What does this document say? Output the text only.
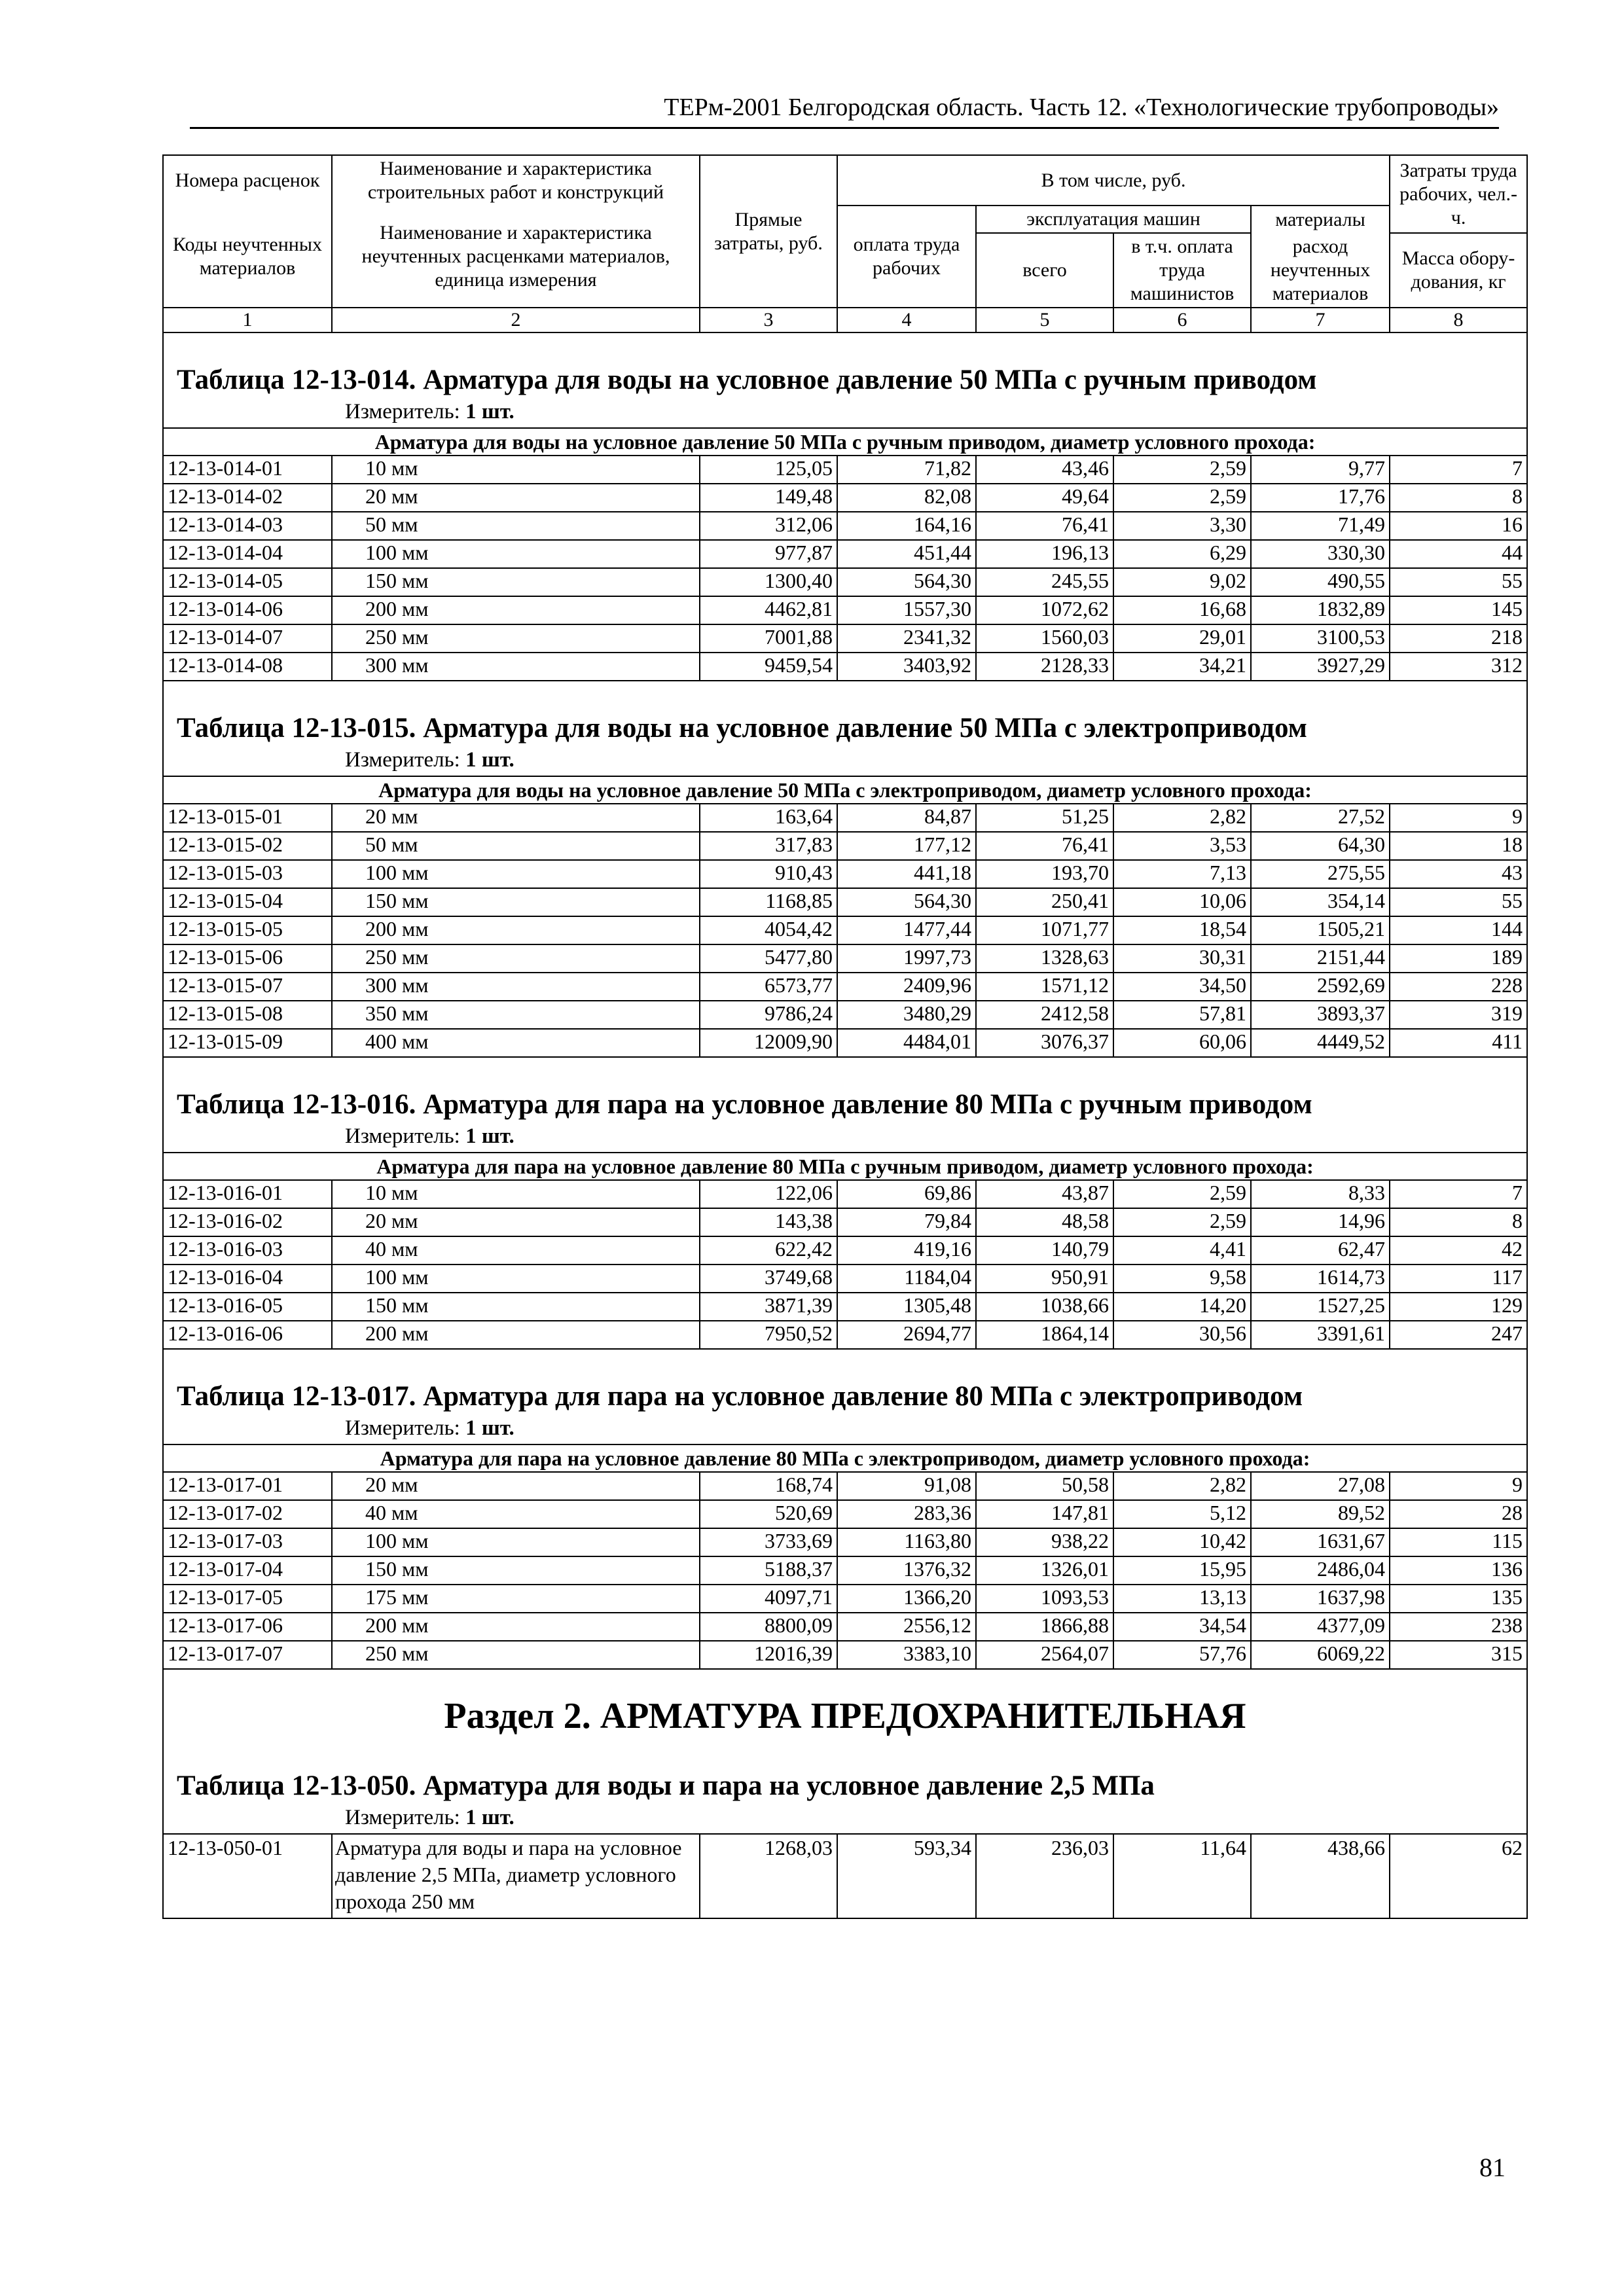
ТЕРм-2001 Белгородская область. Часть 12. «Технологические трубопроводы»
Номера расценок	Наименование и характеристика строительных работ и конструкций	Прямые затраты, руб.	В том числе, руб.				Затраты труда рабочих, чел.-ч.
Коды неучтенных материалов	Наименование и характеристика неучтенных расценками материалов, единица измерения		оплата труда рабочих	эксплуатация машин		материалы	
				всего	в т.ч. оплата труда машинистов	расход неучтенных материалов	
							Масса обору-дования, кг
1	2	3	4	5	6	7	8
Таблица 12-13-014. Арматура для воды на условное давление 50 МПа с ручным приводом							
Измеритель: 1 шт.							
Арматура для воды на условное давление 50 МПа с ручным приводом, диаметр условного прохода:							
12-13-014-01	10 мм	125,05	71,82	43,46	2,59	9,77	7
12-13-014-02	20 мм	149,48	82,08	49,64	2,59	17,76	8
12-13-014-03	50 мм	312,06	164,16	76,41	3,30	71,49	16
12-13-014-04	100 мм	977,87	451,44	196,13	6,29	330,30	44
12-13-014-05	150 мм	1300,40	564,30	245,55	9,02	490,55	55
12-13-014-06	200 мм	4462,81	1557,30	1072,62	16,68	1832,89	145
12-13-014-07	250 мм	7001,88	2341,32	1560,03	29,01	3100,53	218
12-13-014-08	300 мм	9459,54	3403,92	2128,33	34,21	3927,29	312
Таблица 12-13-015. Арматура для воды на условное давление 50 МПа с электроприводом							
Измеритель: 1 шт.							
Арматура для воды на условное давление 50 МПа с электроприводом, диаметр условного прохода:							
12-13-015-01	20 мм	163,64	84,87	51,25	2,82	27,52	9
12-13-015-02	50 мм	317,83	177,12	76,41	3,53	64,30	18
12-13-015-03	100 мм	910,43	441,18	193,70	7,13	275,55	43
12-13-015-04	150 мм	1168,85	564,30	250,41	10,06	354,14	55
12-13-015-05	200 мм	4054,42	1477,44	1071,77	18,54	1505,21	144
12-13-015-06	250 мм	5477,80	1997,73	1328,63	30,31	2151,44	189
12-13-015-07	300 мм	6573,77	2409,96	1571,12	34,50	2592,69	228
12-13-015-08	350 мм	9786,24	3480,29	2412,58	57,81	3893,37	319
12-13-015-09	400 мм	12009,90	4484,01	3076,37	60,06	4449,52	411
Таблица 12-13-016. Арматура для пара на условное давление 80 МПа с ручным приводом							
Измеритель: 1 шт.							
Арматура для пара на условное давление 80 МПа с ручным приводом, диаметр условного прохода:							
12-13-016-01	10 мм	122,06	69,86	43,87	2,59	8,33	7
12-13-016-02	20 мм	143,38	79,84	48,58	2,59	14,96	8
12-13-016-03	40 мм	622,42	419,16	140,79	4,41	62,47	42
12-13-016-04	100 мм	3749,68	1184,04	950,91	9,58	1614,73	117
12-13-016-05	150 мм	3871,39	1305,48	1038,66	14,20	1527,25	129
12-13-016-06	200 мм	7950,52	2694,77	1864,14	30,56	3391,61	247
Таблица 12-13-017. Арматура для пара на условное давление 80 МПа с электроприводом							
Измеритель: 1 шт.							
Арматура для пара на условное давление 80 МПа с электроприводом, диаметр условного прохода:							
12-13-017-01	20 мм	168,74	91,08	50,58	2,82	27,08	9
12-13-017-02	40 мм	520,69	283,36	147,81	5,12	89,52	28
12-13-017-03	100 мм	3733,69	1163,80	938,22	10,42	1631,67	115
12-13-017-04	150 мм	5188,37	1376,32	1326,01	15,95	2486,04	136
12-13-017-05	175 мм	4097,71	1366,20	1093,53	13,13	1637,98	135
12-13-017-06	200 мм	8800,09	2556,12	1866,88	34,54	4377,09	238
12-13-017-07	250 мм	12016,39	3383,10	2564,07	57,76	6069,22	315
Раздел 2. АРМАТУРА ПРЕДОХРАНИТЕЛЬНАЯ							
Таблица 12-13-050. Арматура для воды и пара на условное давление 2,5 МПа							
Измеритель: 1 шт.							
12-13-050-01	Арматура для воды и пара на условное давление 2,5 МПа, диаметр условного прохода 250 мм	1268,03	593,34	236,03	11,64	438,66	62
81
